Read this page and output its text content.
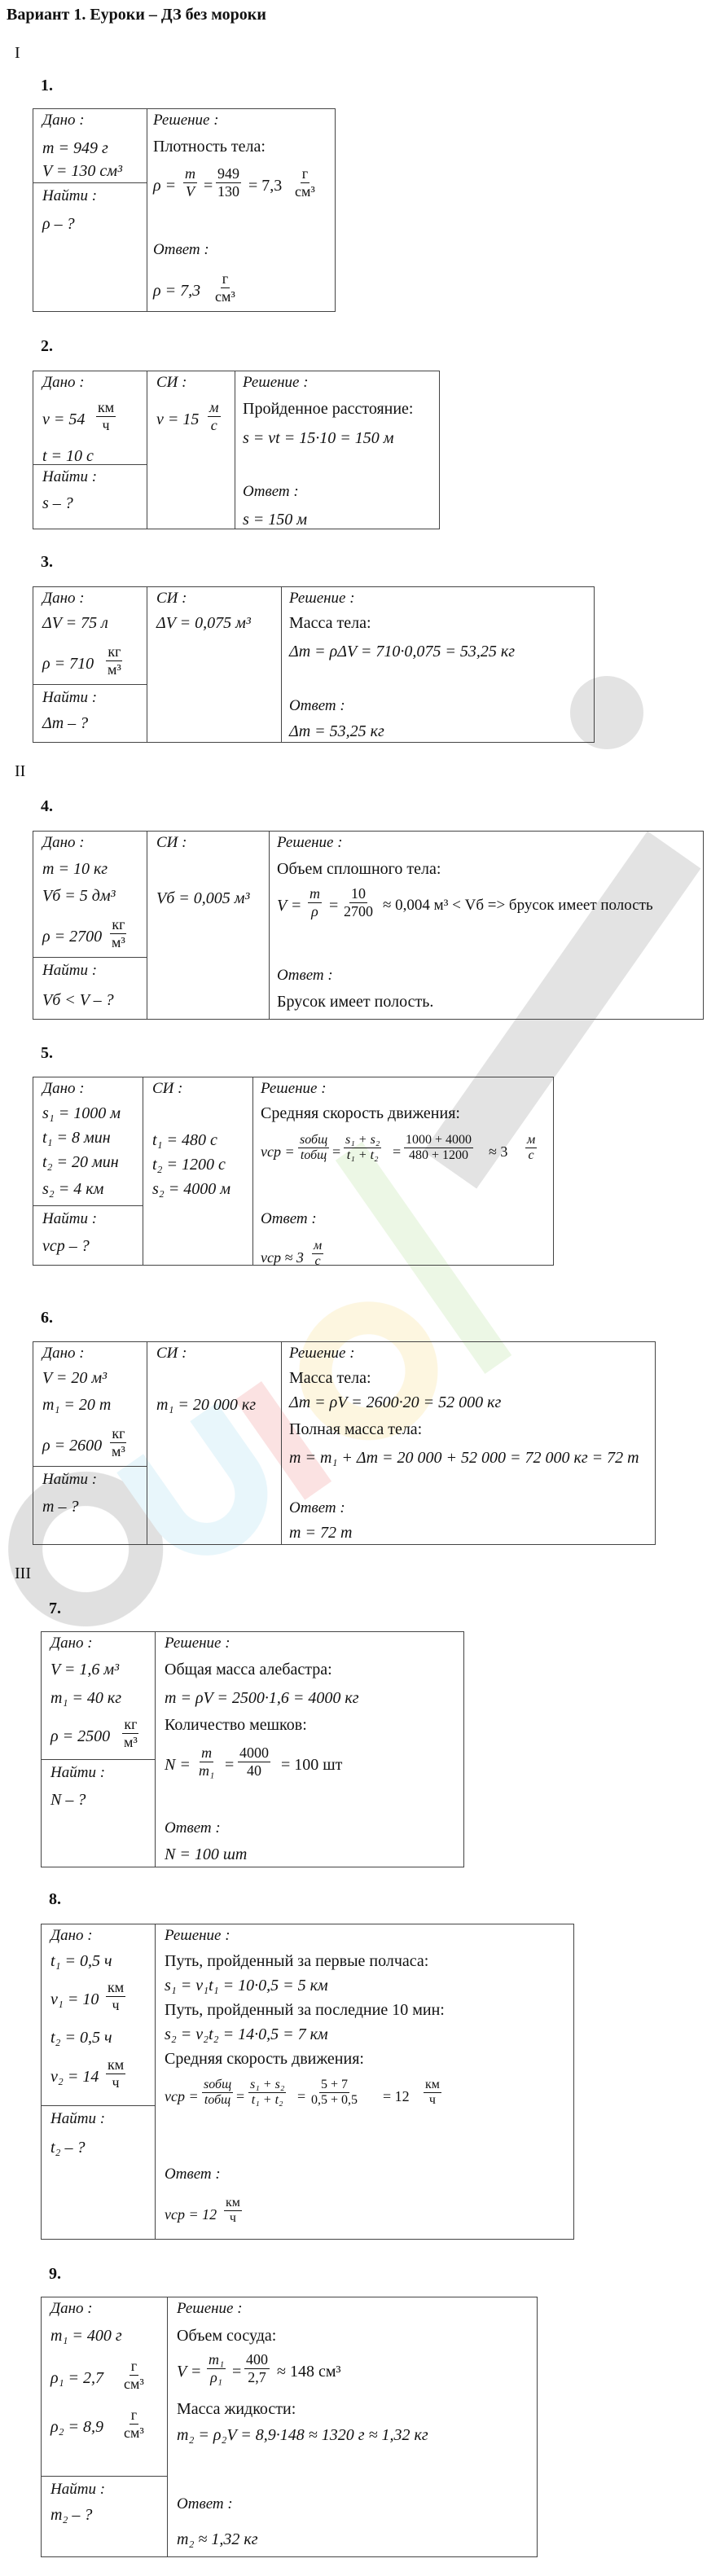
Вариант 1. Еуроки – ДЗ без мороки
I
1.
Дано :
m = 949 г
V = 130 см³
Найти :
ρ – ?
Решение :
Плотность тела:
$\rho = \frac{m}{V} = \frac{949}{130} = 7,3$
г
см³
Ответ :
ρ = 7,3
г
см³
2.
Дано :
v = 54
км
ч
t = 10 с
Найти :
s – ?
СИ :
v = 15
м
с
Решение :
Пройденное расстояние:
s = vt = 15·10 = 150 м
Ответ :
s = 150 м
3.
Дано :
ΔV = 75 л
ρ = 710
кг
м³
Найти :
Δm – ?
СИ :
ΔV = 0,075 м³
Решение :
Масса тела:
Δm = ρΔV = 710·0,075 = 53,25 кг
Ответ :
Δm = 53,25 кг
II
4.
Дано :
m = 10 кг
Vб = 5 дм³
ρ = 2700
кг
м³
Найти :
Vб < V – ?
СИ :
Vб = 0,005 м³
Решение :
Объем сплошного тела:
$V = \frac{m}{\rho} = \frac{10}{2700} \approx 0,004$ м³ < Vб => брусок имеет полость
Ответ :
Брусок имеет полость.
5.
Дано :
s₁ = 1000 м
t₁ = 8 мин
t₂ = 20 мин
s₂ = 4 км
Найти :
vср – ?
СИ :
t₁ = 480 с
t₂ = 1200 с
s₂ = 4000 м
Решение :
Средняя скорость движения:
vср =
sобщ
tобщ = $\frac{\text{s₁ + s₂}}{\text{t₁ + t₂}} = \frac{1000 + 4000}{480 + 1200} \approx 3$
м
с
Ответ :
vср ≈ 3
м
с
6.
Дано :
V = 20 м³
m₁ = 20 т
ρ = 2600
кг
м³
Найти :
m – ?
СИ :
m₁ = 20 000 кг
Решение :
Масса тела:
Δm = ρV = 2600·20 = 52 000 кг
Полная масса тела:
m = m₁ + Δm = 20 000 + 52 000 = 72 000 кг = 72 т
Ответ :
m = 72 т
III
7.
Дано :
V = 1,6 м³
m₁ = 40 кг
ρ = 2500
кг
м³
Найти :
N – ?
Решение :
Общая масса алебастра:
m = ρV = 2500·1,6 = 4000 кг
Количество мешков:
$N = \frac{m}{\text{m₁}} = \frac{4000}{40} = 100$ шт
Ответ :
N = 100 шт
8.
Дано :
t₁ = 0,5 ч
v₁ = 10
км
ч
t₂ = 0,5 ч
v₂ = 14
км
ч
Найти :
t₂ – ?
Решение :
Путь, пройденный за первые полчаса:
s₁ = v₁t₁ = 10·0,5 = 5 км
Путь, пройденный за последние 10 мин:
s₂ = v₂t₂ = 14·0,5 = 7 км
Средняя скорость движения:
vср =
sобщ
tобщ = $\frac{\text{s₁ + s₂}}{\text{t₁ + t₂}} = \frac{5 + 7}{0,5 + 0,5} = 12$
км
ч
Ответ :
vср = 12
км
ч
9.
Дано :
m₁ = 400 г
ρ₁ = 2,7
г
см³
ρ₂ = 8,9
г
см³
Найти :
m₂ – ?
Решение :
Объем сосуда:
$V = \frac{\text{m₁}}{\text{ρ₁}} = \frac{400}{2,7} \approx 148$ см³
Масса жидкости:
m₂ = ρ₂V = 8,9·148 ≈ 1320 г ≈ 1,32 кг
Ответ :
m₂ ≈ 1,32 кг
